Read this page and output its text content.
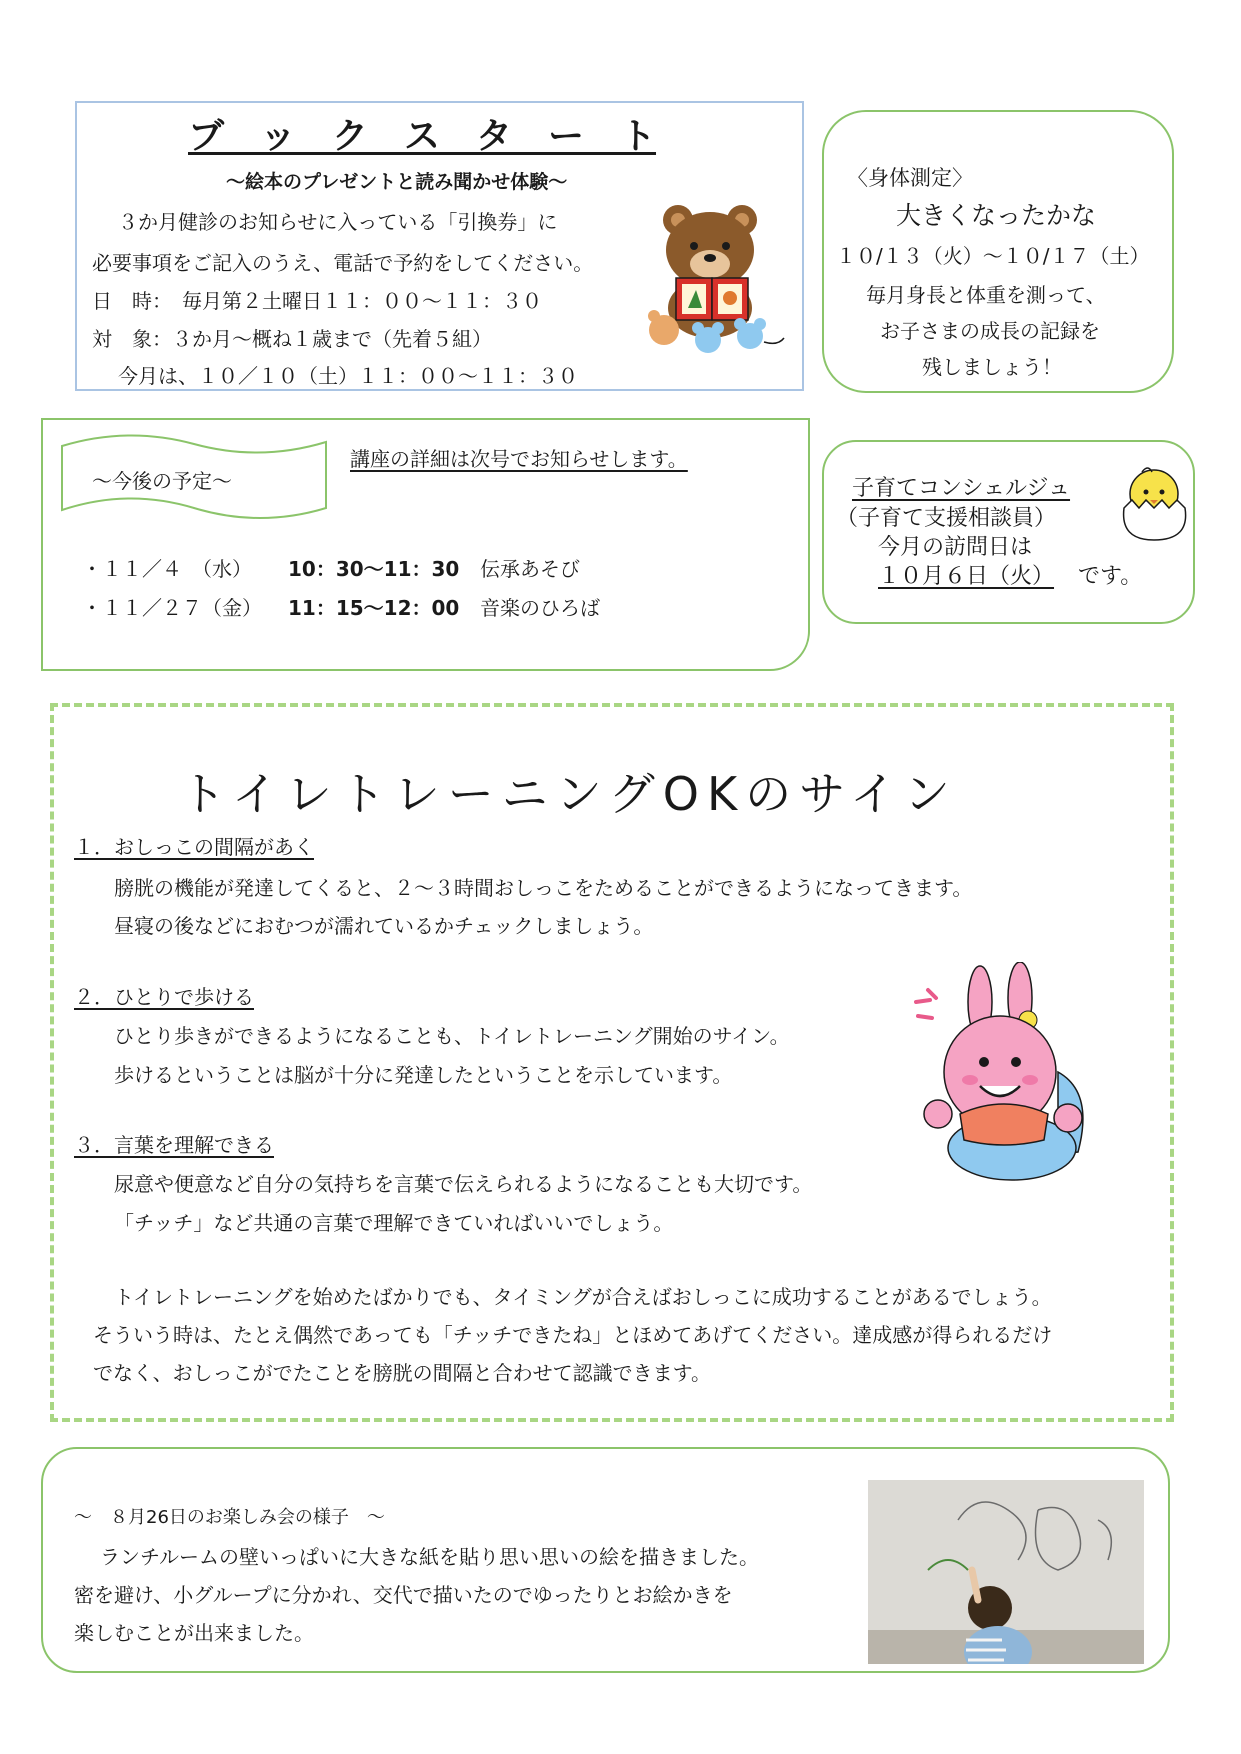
ブ　ッ　ク　ス　タ　ー　ト
～絵本のプレゼントと読み聞かせ体験～
３か月健診のお知らせに入っている「引換券」に
必要事項をご記入のうえ、電話で予約をしてください。
日　時：　毎月第２土曜日１１：００～１１：３０
対　象：３か月～概ね１歳まで（先着５組）
今月は、１０／１０（土）１１：００～１１：３０
〈身体測定〉
大きくなったかな
１０/１３（火）～１０/１７（土）
毎月身長と体重を測って、
お子さまの成長の記録を
残しましょう！
～今後の予定～
講座の詳細は次号でお知らせします。
・１１／４　（水） 10：30～11：30 伝承あそび
・１１／２７（金） 11：15～12：00 音楽のひろば
子育てコンシェルジュ
（子育て支援相談員）
今月の訪問日は
１０月６日（火） です。
トイレトレーニングOKのサイン
１．おしっこの間隔があく
膀胱の機能が発達してくると、２～３時間おしっこをためることができるようになってきます。
昼寝の後などにおむつが濡れているかチェックしましょう。
２．ひとりで歩ける
ひとり歩きができるようになることも、トイレトレーニング開始のサイン。
歩けるということは脳が十分に発達したということを示しています。
３．言葉を理解できる
尿意や便意など自分の気持ちを言葉で伝えられるようになることも大切です。
「チッチ」など共通の言葉で理解できていればいいでしょう。
トイレトレーニングを始めたばかりでも、タイミングが合えばおしっこに成功することがあるでしょう。
そういう時は、たとえ偶然であっても「チッチできたね」とほめてあげてください。達成感が得られるだけ
でなく、おしっこがでたことを膀胱の間隔と合わせて認識できます。
～　８月26日のお楽しみ会の様子　～
ランチルームの壁いっぱいに大きな紙を貼り思い思いの絵を描きました。
密を避け、小グループに分かれ、交代で描いたのでゆったりとお絵かきを
楽しむことが出来ました。
